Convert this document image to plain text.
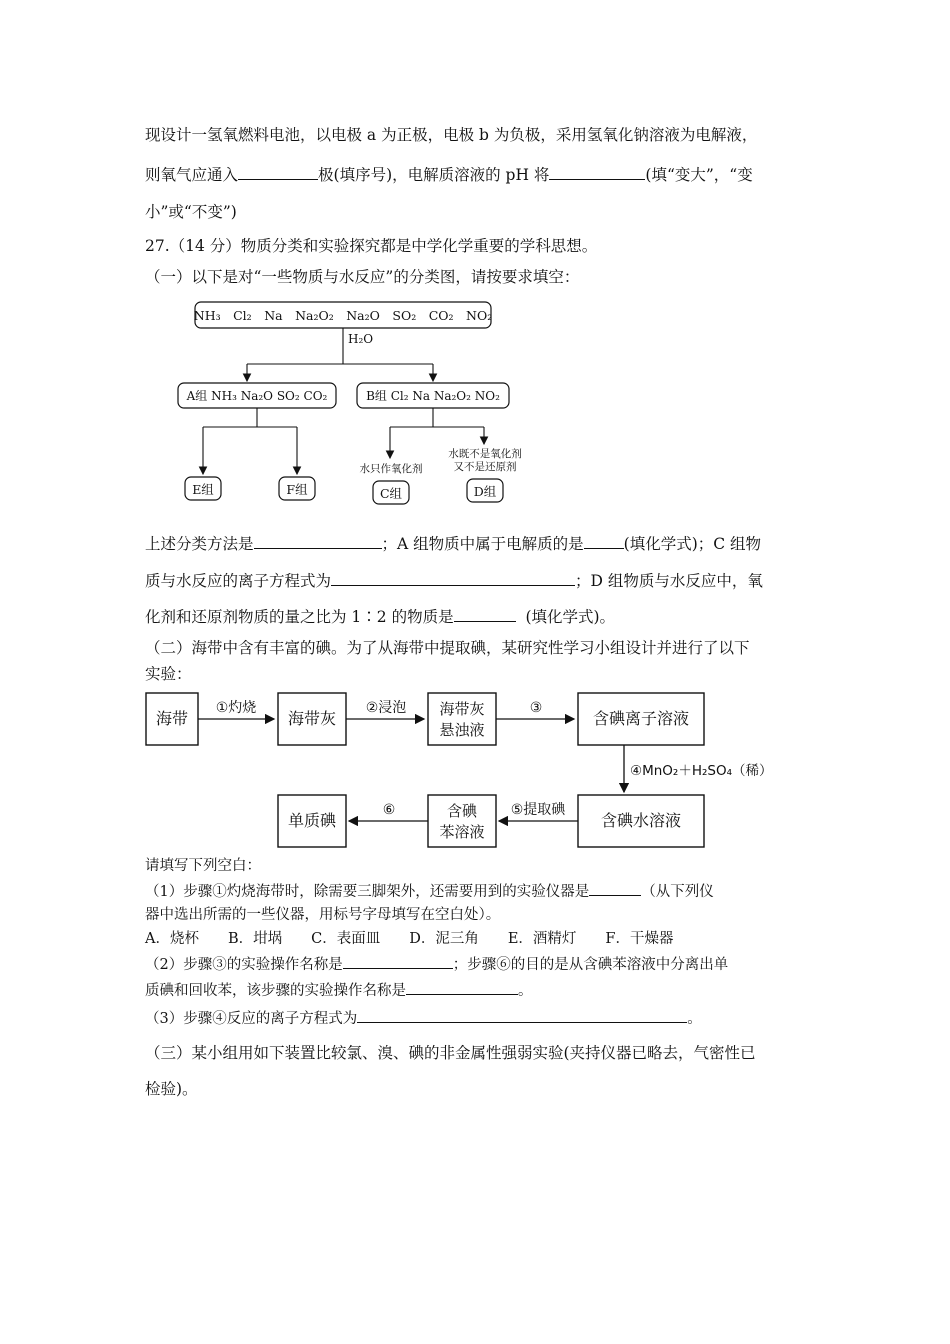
现设计一氢氧燃料电池，以电极 a 为正极，电极 b 为负极，采用氢氧化钠溶液为电解液，
则氧气应通入	极(填序号)，电解质溶液的 pH 将	(填“变大”，“变
小”或“不变”)
27.（14 分）物质分类和实验探究都是中学化学重要的学科思想。
（一）以下是对“一些物质与水反应”的分类图，请按要求填空：
NH₃　Cl₂　Na　Na₂O₂　Na₂O　SO₂　CO₂　NO₂
H₂O
A组 NH₃ Na₂O SO₂ CO₂	B组 Cl₂ Na Na₂O₂ NO₂
E组	F组
水只作氧化剂
水既不是氧化剂
又不是还原剂
C组	D组
海带
①灼烧
海带灰
②浸泡 海带灰
悬浊液
③
含碘离子溶液
④MnO₂＋H₂SO₄（稀）
含碘水溶液
⑤提取碘
含碘
苯溶液
⑥
单质碘
上述分类方法是	；A 组物质中属于电解质的是	(填化学式)；C 组物
质与水反应的离子方程式为	；D 组物质与水反应中，氧
化剂和还原剂物质的量之比为 1∶2 的物质是	(填化学式)。
（二）海带中含有丰富的碘。为了从海带中提取碘，某研究性学习小组设计并进行了以下
实验：
请填写下列空白：
（1）步骤①灼烧海带时，除需要三脚架外，还需要用到的实验仪器是	（从下列仪
器中选出所需的一些仪器，用标号字母填写在空白处）。
A．烧杯　　B．坩埚　　C．表面皿　　D．泥三角　　E．酒精灯　　F．干燥器
（2）步骤③的实验操作名称是	；步骤⑥的目的是从含碘苯溶液中分离出单
质碘和回收苯，该步骤的实验操作名称是	。
（3）步骤④反应的离子方程式为	。
（三）某小组用如下装置比较氯、溴、碘的非金属性强弱实验(夹持仪器已略去，气密性已
检验)。
